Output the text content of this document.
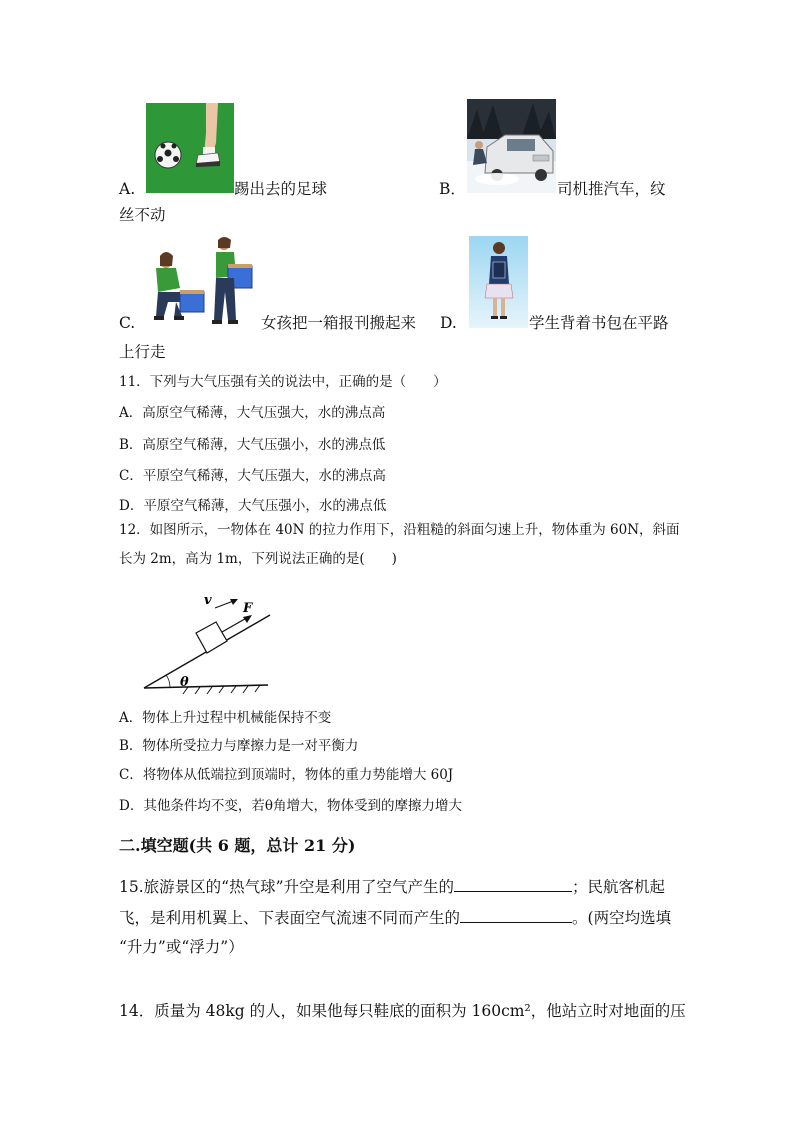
A.	踢出去的足球	B．	司机推汽车，纹
丝不动
C.	女孩把一箱报刊搬起来 D.	学生背着书包在平路
上行走
11．下列与大气压强有关的说法中，正确的是（　　）
A．高原空气稀薄，大气压强大，水的沸点高
B．高原空气稀薄，大气压强小，水的沸点低
C．平原空气稀薄，大气压强大，水的沸点高
D．平原空气稀薄，大气压强小，水的沸点低
12．如图所示，一物体在 40N 的拉力作用下，沿粗糙的斜面匀速上升，物体重为 60N，斜面
长为 2m，高为 1m，下列说法正确的是(　　)
v
F
θ
A．物体上升过程中机械能保持不变
B．物体所受拉力与摩擦力是一对平衡力
C．将物体从低端拉到顶端时，物体的重力势能增大 60J
D．其他条件均不变，若θ角增大，物体受到的摩擦力增大
二.填空题(共 6 题，总计 21 分)
15.旅游景区的“热气球”升空是利用了空气产生的	；民航客机起
飞，是利用机翼上、下表面空气流速不同而产生的	。(两空均选填
“升力”或“浮力”）
14．质量为 48kg 的人，如果他每只鞋底的面积为 160cm²，他站立时对地面的压
